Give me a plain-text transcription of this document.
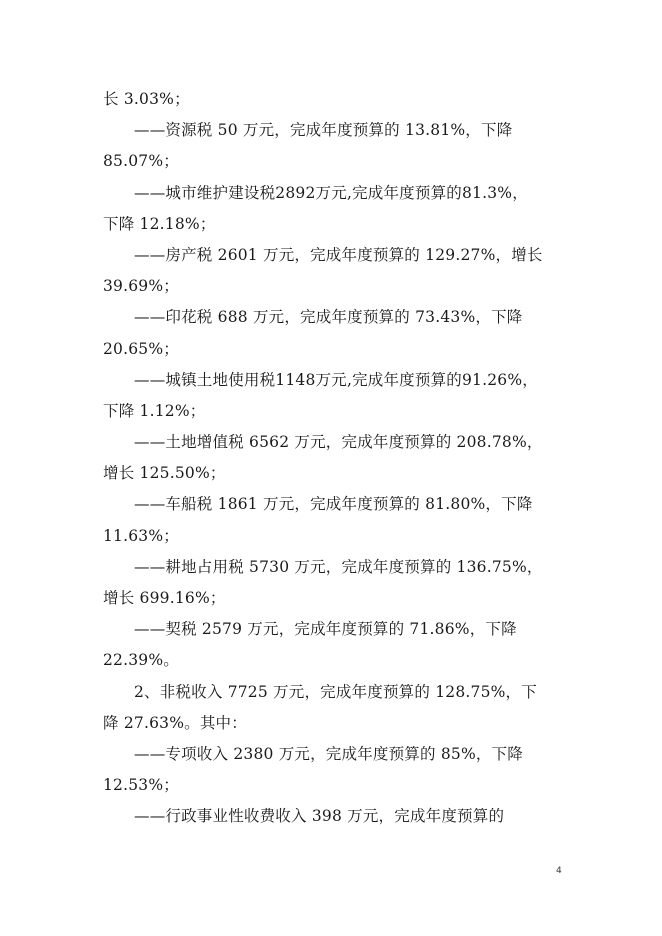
长 3.03%；
——资源税 50 万元，完成年度预算的 13.81%，下降
85.07%；
——城市维护建设税2892万元,完成年度预算的81.3%，
下降 12.18%；
——房产税 2601 万元，完成年度预算的 129.27%，增长
39.69%；
——印花税 688 万元，完成年度预算的 73.43%，下降
20.65%；
——城镇土地使用税1148万元,完成年度预算的91.26%，
下降 1.12%；
——土地增值税 6562 万元，完成年度预算的 208.78%，
增长 125.50%；
——车船税 1861 万元，完成年度预算的 81.80%，下降
11.63%；
——耕地占用税 5730 万元，完成年度预算的 136.75%，
增长 699.16%；
——契税 2579 万元，完成年度预算的 71.86%，下降
22.39%。
2、非税收入 7725 万元，完成年度预算的 128.75%，下
降 27.63%。其中：
——专项收入 2380 万元，完成年度预算的 85%，下降
12.53%；
——行政事业性收费收入 398 万元，完成年度预算的
4
